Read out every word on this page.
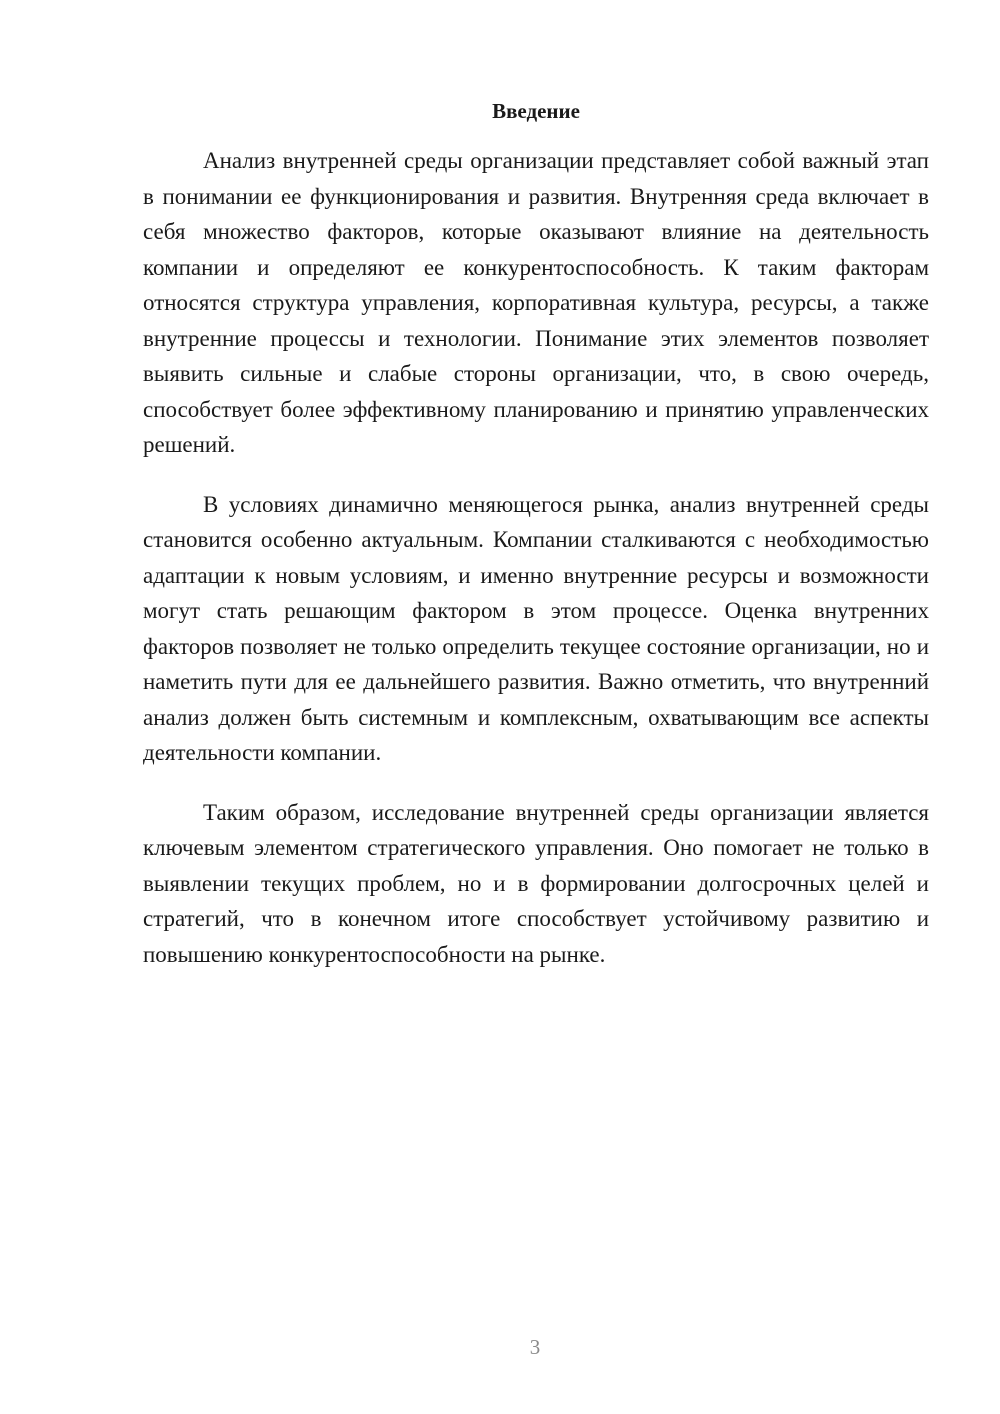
Введение

Анализ внутренней среды организации представляет собой важный этап в понимании ее функционирования и развития. Внутренняя среда включает в себя множество факторов, которые оказывают влияние на деятельность компании и определяют ее конкурентоспособность. К таким факторам относятся структура управления, корпоративная культура, ресурсы, а также внутренние процессы и технологии. Понимание этих элементов позволяет выявить сильные и слабые стороны организации, что, в свою очередь, способствует более эффективному планированию и принятию управленческих решений.

В условиях динамично меняющегося рынка, анализ внутренней среды становится особенно актуальным. Компании сталкиваются с необходимостью адаптации к новым условиям, и именно внутренние ресурсы и возможности могут стать решающим фактором в этом процессе. Оценка внутренних факторов позволяет не только определить текущее состояние организации, но и наметить пути для ее дальнейшего развития. Важно отметить, что внутренний анализ должен быть системным и комплексным, охватывающим все аспекты деятельности компании.

Таким образом, исследование внутренней среды организации является ключевым элементом стратегического управления. Оно помогает не только в выявлении текущих проблем, но и в формировании долгосрочных целей и стратегий, что в конечном итоге способствует устойчивому развитию и повышению конкурентоспособности на рынке.

3
